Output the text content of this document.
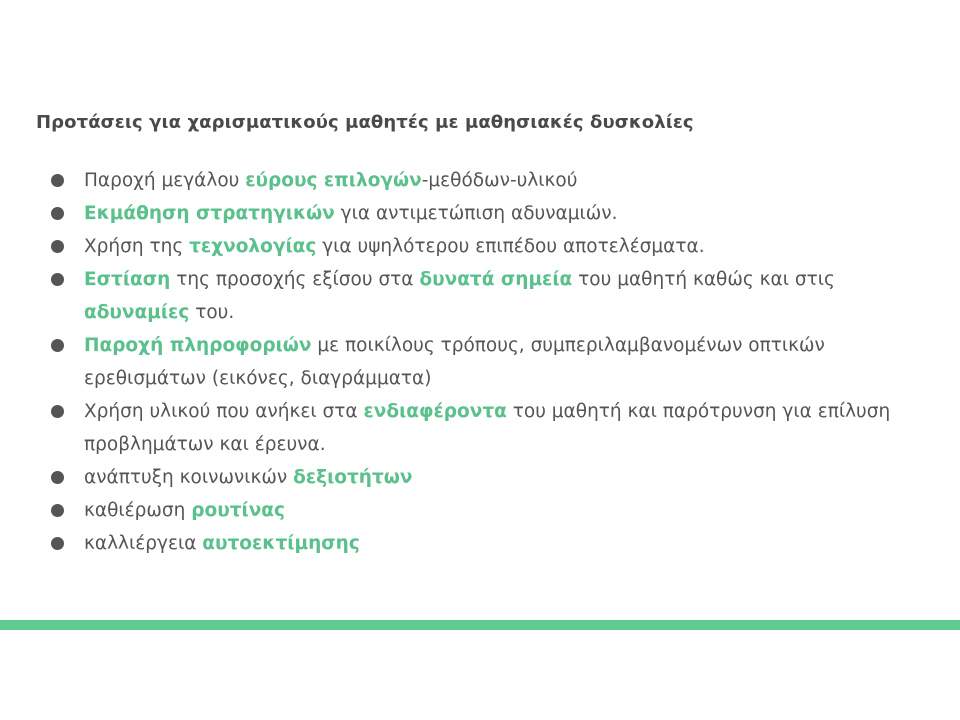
Προτάσεις για χαρισματικούς μαθητές με μαθησιακές δυσκολίες
Παροχή μεγάλου εύρους επιλογών-μεθόδων-υλικού
Εκμάθηση στρατηγικών για αντιμετώπιση αδυναμιών.
Χρήση της τεχνολογίας για υψηλότερου επιπέδου αποτελέσματα.
Εστίαση της προσοχής εξίσου στα δυνατά σημεία του μαθητή καθώς και στις αδυναμίες του.
Παροχή πληροφοριών με ποικίλους τρόπους, συμπεριλαμβανομένων οπτικών ερεθισμάτων (εικόνες, διαγράμματα)
Χρήση υλικού που ανήκει στα ενδιαφέροντα του μαθητή και παρότρυνση για επίλυση προβλημάτων και έρευνα.
ανάπτυξη κοινωνικών δεξιοτήτων
καθιέρωση ρουτίνας
καλλιέργεια αυτοεκτίμησης
